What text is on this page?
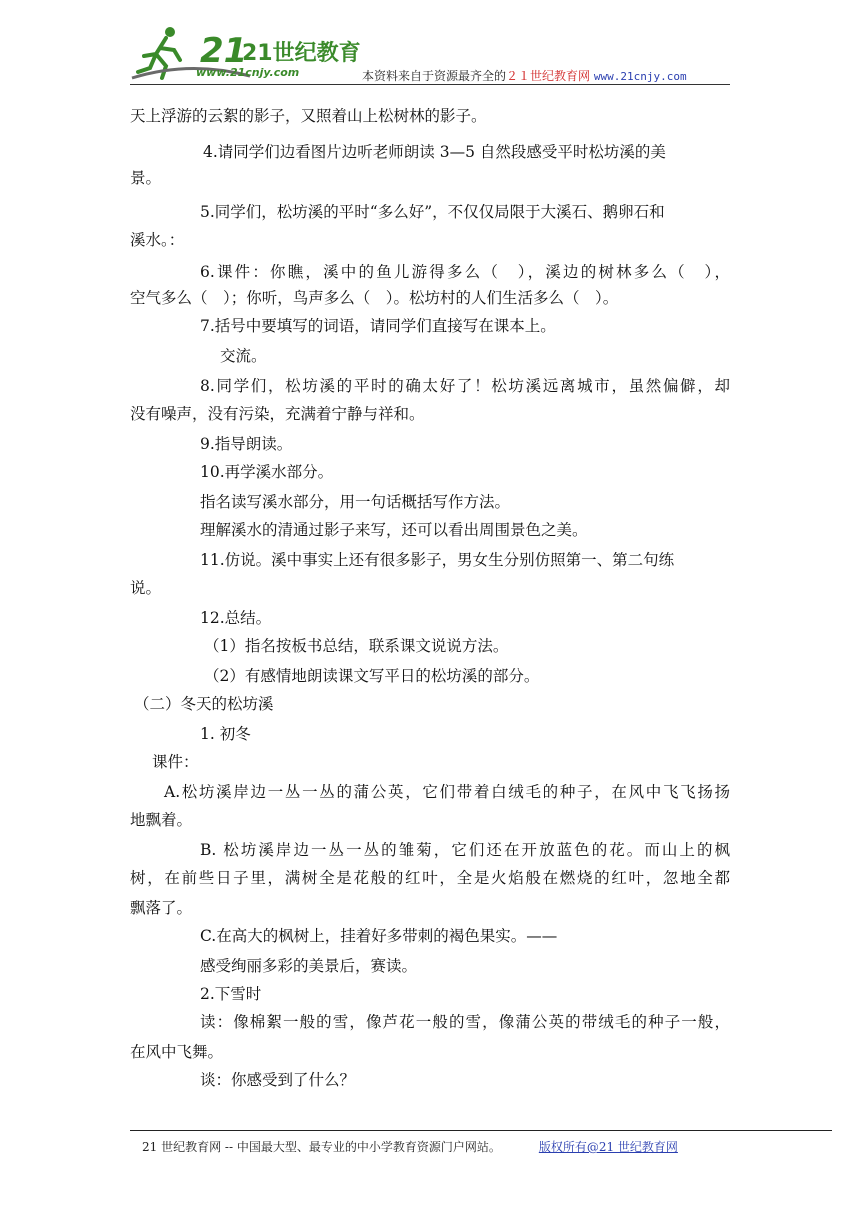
21
21世纪教育
www.21cnjy.com	本资料来自于资源最齐全的２１世纪教育网 www.21cnjy.com
天上浮游的云絮的影子，又照着山上松树林的影子。
4.请同学们边看图片边听老师朗读 3—5 自然段感受平时松坊溪的美
景。
5.同学们，松坊溪的平时“多么好”，不仅仅局限于大溪石、鹅卵石和
溪水。：
6.课件：你瞧，溪中的鱼儿游得多么（　），溪边的树林多么（　），
空气多么（　）；你听，鸟声多么（　）。松坊村的人们生活多么（　）。
7.括号中要填写的词语，请同学们直接写在课本上。
交流。
8.同学们，松坊溪的平时的确太好了！松坊溪远离城市，虽然偏僻，却
没有噪声，没有污染，充满着宁静与祥和。
9.指导朗读。
10.再学溪水部分。
指名读写溪水部分，用一句话概括写作方法。
理解溪水的清通过影子来写，还可以看出周围景色之美。
11.仿说。溪中事实上还有很多影子，男女生分别仿照第一、第二句练
说。
12.总结。
（1）指名按板书总结，联系课文说说方法。
（2）有感情地朗读课文写平日的松坊溪的部分。
（二）冬天的松坊溪
1. 初冬
课件：
A.松坊溪岸边一丛一丛的蒲公英，它们带着白绒毛的种子，在风中飞飞扬扬
地飘着。
B. 松坊溪岸边一丛一丛的雏菊，它们还在开放蓝色的花。而山上的枫
树，在前些日子里，满树全是花般的红叶，全是火焰般在燃烧的红叶，忽地全都
飘落了。
C.在高大的枫树上，挂着好多带刺的褐色果实。——
感受绚丽多彩的美景后，赛读。
2.下雪时
读：像棉絮一般的雪，像芦花一般的雪，像蒲公英的带绒毛的种子一般，
在风中飞舞。
谈：你感受到了什么？
21 世纪教育网 -- 中国最大型、最专业的中小学教育资源门户网站。	版权所有@21 世纪教育网
